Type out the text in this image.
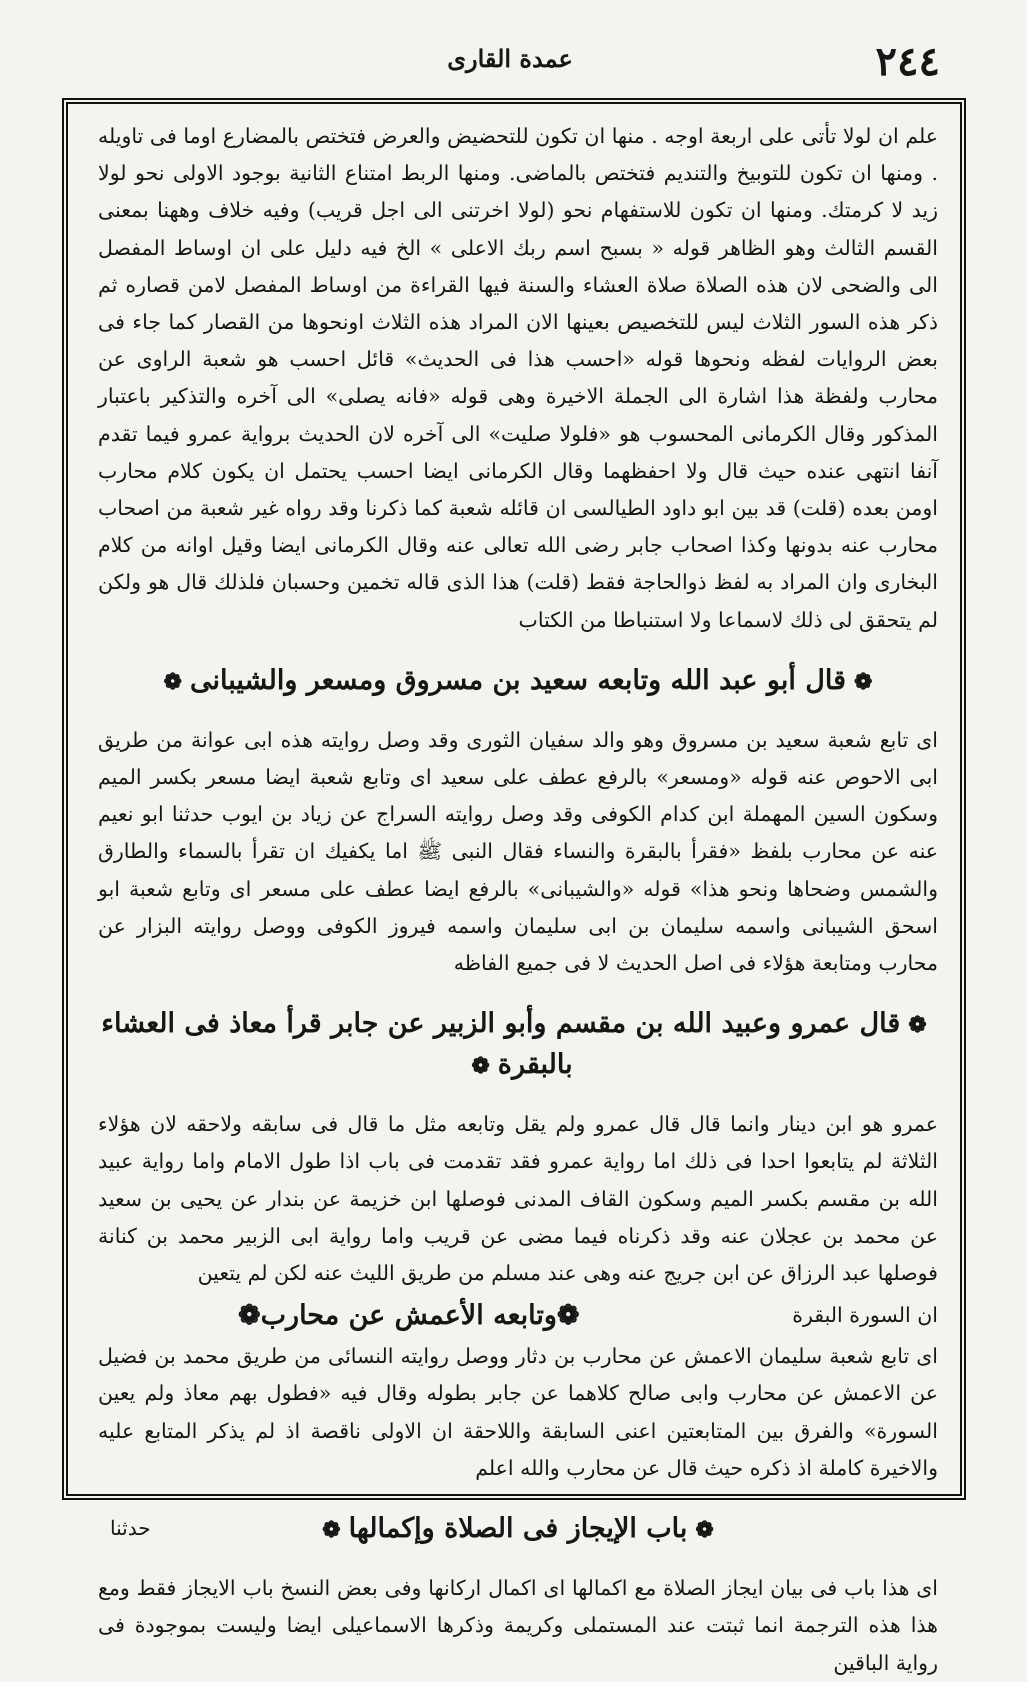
٢٤٤
عمدة القارى

علم ان لولا تأتى على اربعة اوجه . منها ان تكون للتحضيض والعرض فتختص بالمضارع اوما فى تاويله . ومنها ان تكون للتوبيخ والتنديم فتختص بالماضى. ومنها الربط امتناع الثانية بوجود الاولى نحو لولا زيد لا كرمتك. ومنها ان تكون للاستفهام نحو (لولا اخرتنى الى اجل قريب) وفيه خلاف وههنا بمعنى القسم الثالث وهو الظاهر قوله « بسبح اسم ربك الاعلى » الخ فيه دليل على ان اوساط المفصل الى والضحى لان هذه الصلاة صلاة العشاء والسنة فيها القراءة من اوساط المفصل لامن قصاره ثم ذكر هذه السور الثلاث ليس للتخصيص بعينها الان المراد هذه الثلاث اونحوها من القصار كما جاء فى بعض الروايات لفظه ونحوها قوله «احسب هذا فى الحديث» قائل احسب هو شعبة الراوى عن محارب ولفظة هذا اشارة الى الجملة الاخيرة وهى قوله «فانه يصلى» الى آخره والتذكير باعتبار المذكور وقال الكرمانى المحسوب هو «فلولا صليت» الى آخره لان الحديث برواية عمرو فيما تقدم آنفا انتهى عنده حيث قال ولا احفظهما وقال الكرمانى ايضا احسب يحتمل ان يكون كلام محارب اومن بعده (قلت) قد بين ابو داود الطيالسى ان قائله شعبة كما ذكرنا وقد رواه غير شعبة من اصحاب محارب عنه بدونها وكذا اصحاب جابر رضى الله تعالى عنه وقال الكرمانى ايضا وقيل اوانه من كلام البخارى وان المراد به لفظ ذوالحاجة فقط (قلت) هذا الذى قاله تخمين وحسبان فلذلك قال هو ولكن لم يتحقق لى ذلك لاسماعا ولا استنباطا من الكتاب

❁قال أبو عبد الله وتابعه سعيد بن مسروق ومسعر والشيبانى❁

اى تابع شعبة سعيد بن مسروق وهو والد سفيان الثورى وقد وصل روايته هذه ابى عوانة من طريق ابى الاحوص عنه قوله «ومسعر» بالرفع عطف على سعيد اى وتابع شعبة ايضا مسعر بكسر الميم وسكون السين المهملة ابن كدام الكوفى وقد وصل روايته السراج عن زياد بن ايوب حدثنا ابو نعيم عنه عن محارب بلفظ «فقرأ بالبقرة والنساء فقال النبى ﷺ اما يكفيك ان تقرأ بالسماء والطارق والشمس وضحاها ونحو هذا» قوله «والشيبانى» بالرفع ايضا عطف على مسعر اى وتابع شعبة ابو اسحق الشيبانى واسمه سليمان بن ابى سليمان واسمه فيروز الكوفى ووصل روايته البزار عن محارب ومتابعة هؤلاء فى اصل الحديث لا فى جميع الفاظه

❁قال عمرو وعبيد الله بن مقسم وأبو الزبير عن جابر قرأ معاذ فى العشاء بالبقرة❁

عمرو هو ابن دينار وانما قال قال عمرو ولم يقل وتابعه مثل ما قال فى سابقه ولاحقه لان هؤلاء الثلاثة لم يتابعوا احدا فى ذلك اما رواية عمرو فقد تقدمت فى باب اذا طول الامام واما رواية عبيد الله بن مقسم بكسر الميم وسكون القاف المدنى فوصلها ابن خزيمة عن بندار عن يحيى بن سعيد عن محمد بن عجلان عنه وقد ذكرناه فيما مضى عن قريب واما رواية ابى الزبير محمد بن كنانة فوصلها عبد الرزاق عن ابن جريج عنه وهى عند مسلم من طريق الليث عنه لكن لم يتعين

ان السورة البقرة
❁وتابعه الأعمش عن محارب❁

اى تابع شعبة سليمان الاعمش عن محارب بن دثار ووصل روايته النسائى من طريق محمد بن فضيل عن الاعمش عن محارب وابى صالح كلاهما عن جابر بطوله وقال فيه «فطول بهم معاذ ولم يعين السورة» والفرق بين المتابعتين اعنى السابقة واللاحقة ان الاولى ناقصة اذ لم يذكر المتابع عليه والاخيرة كاملة اذ ذكره حيث قال عن محارب والله اعلم

❁باب الإيجاز فى الصلاة وإكمالها❁

اى هذا باب فى بيان ايجاز الصلاة مع اكمالها اى اكمال اركانها وفى بعض النسخ باب الايجاز فقط ومع هذا هذه الترجمة انما ثبتت عند المستملى وكريمة وذكرها الاسماعيلى ايضا وليست بموجودة فى رواية الباقين

حدثنا
